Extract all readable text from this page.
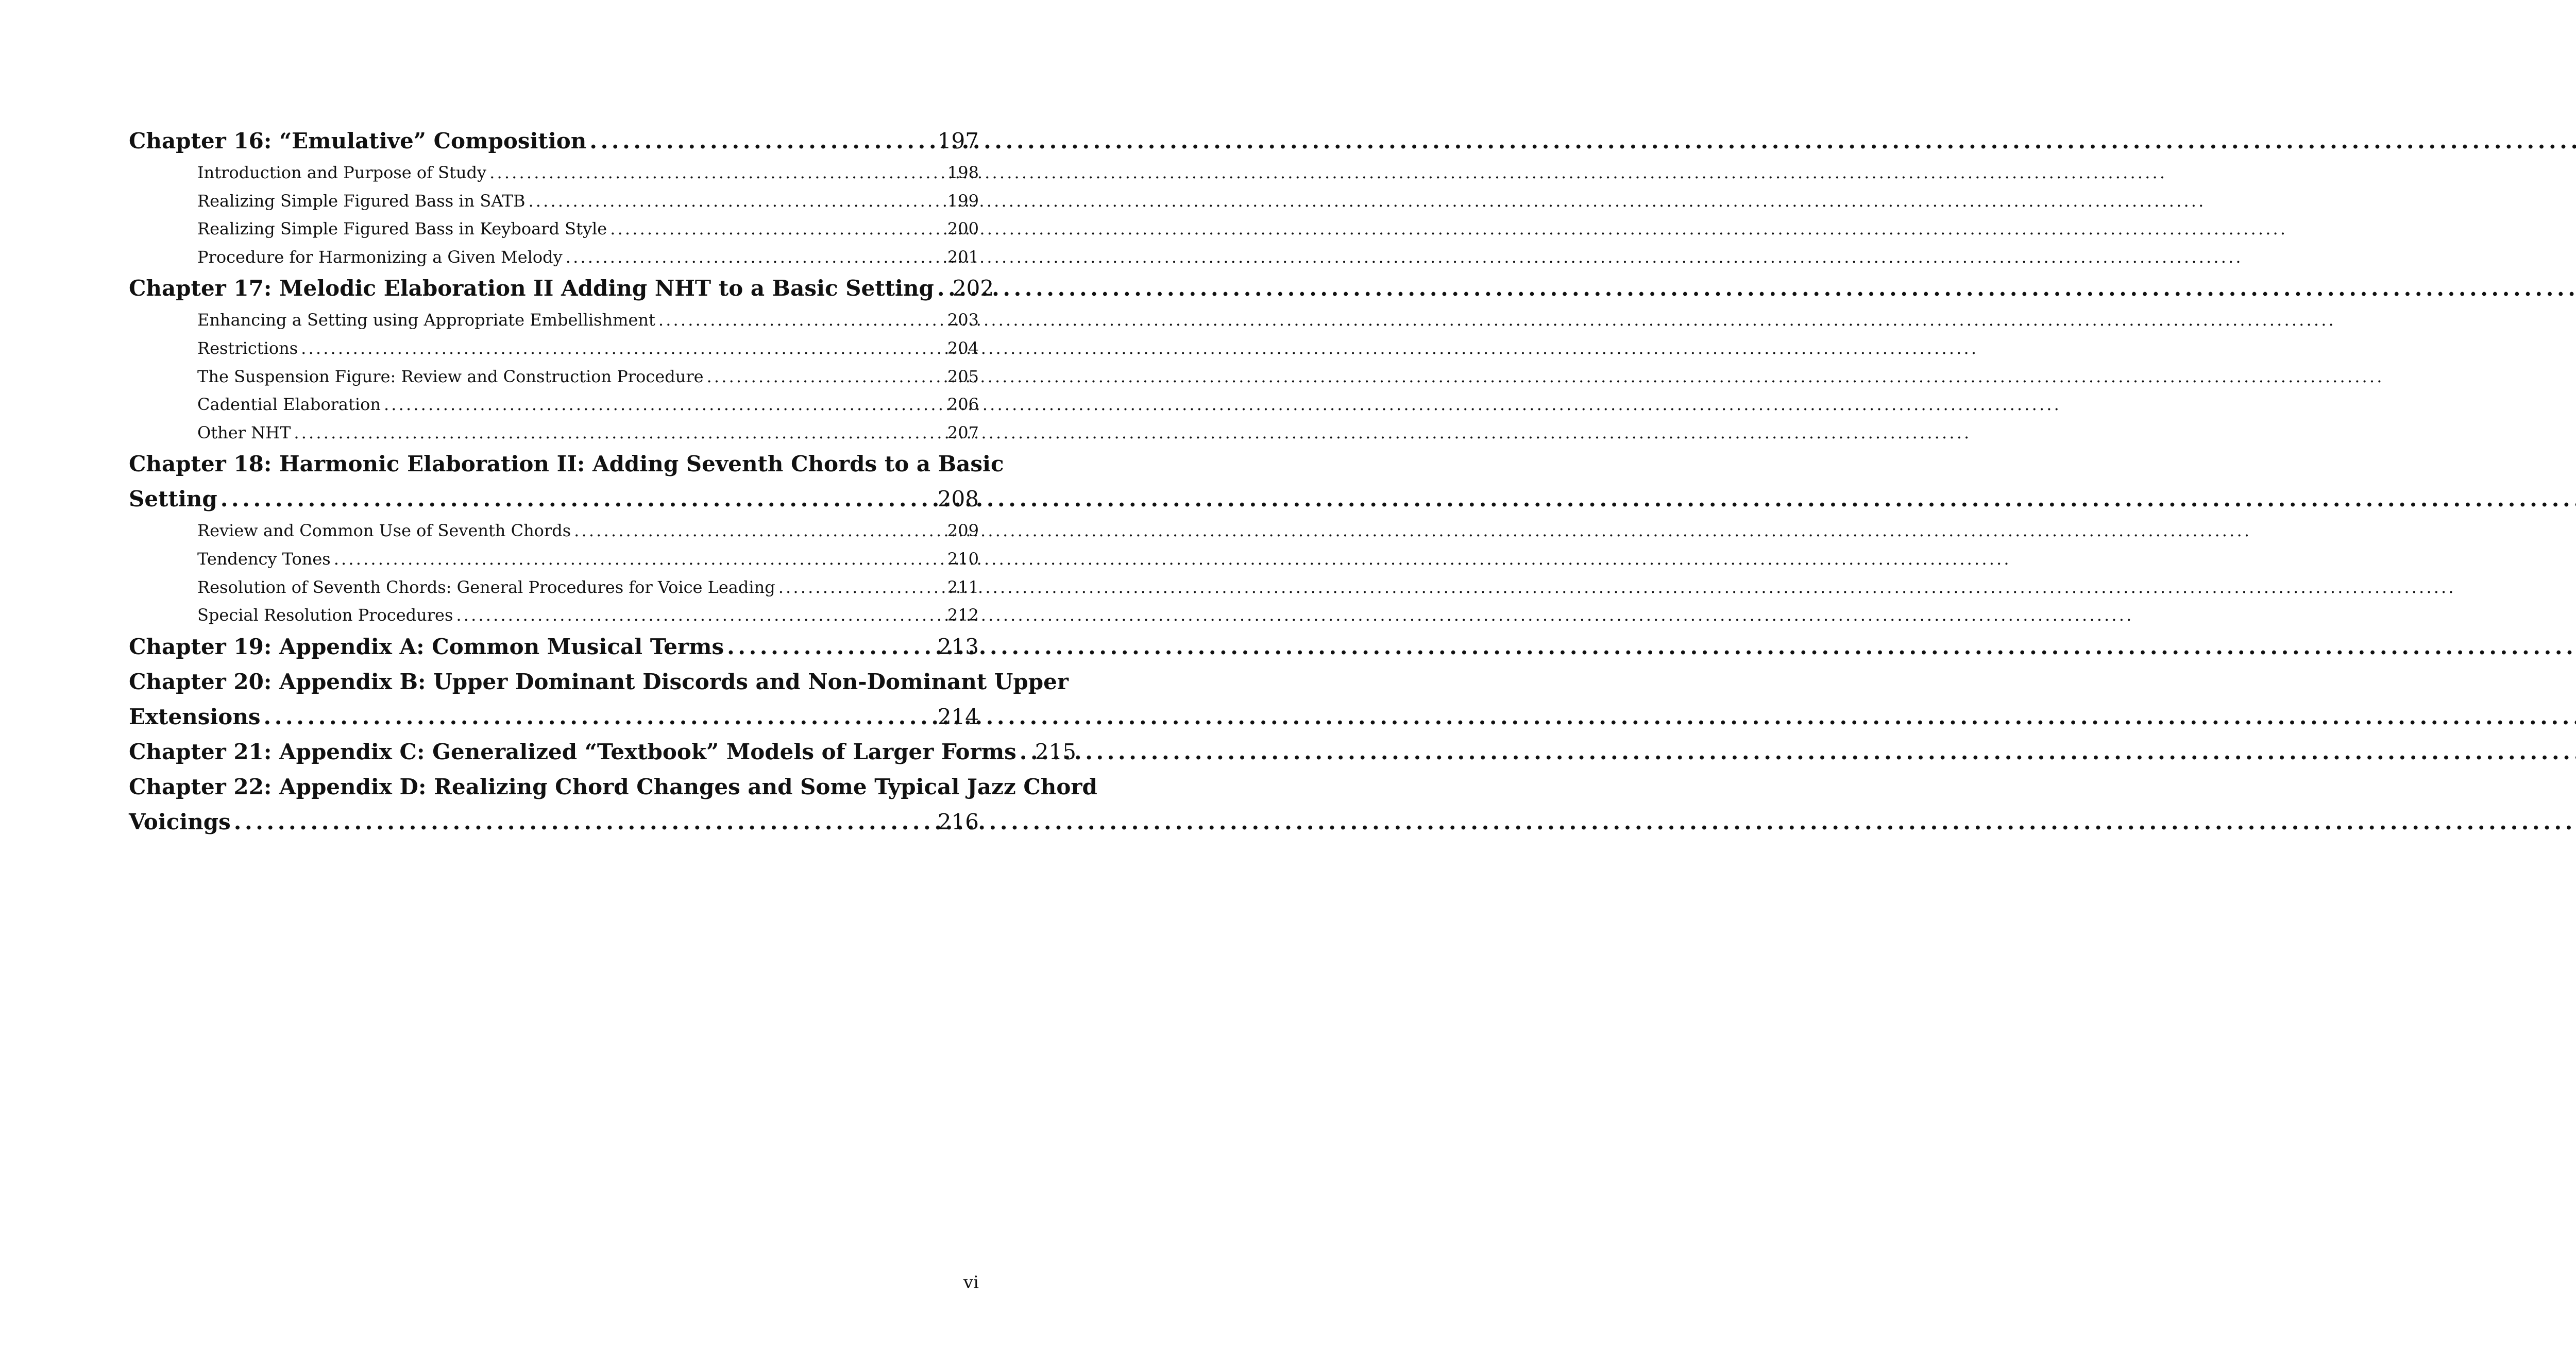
Chapter 16: “Emulative” Composition . . .	197
Introduction and Purpose of Study . . .	198
Realizing Simple Figured Bass in SATB . . .	199
Realizing Simple Figured Bass in Keyboard Style . . .	200
Procedure for Harmonizing a Given Melody . . .	201
Chapter 17: Melodic Elaboration II Adding NHT to a Basic Setting . . . 202
Enhancing a Setting using Appropriate Embellishment . . .	203
Restrictions . . .	204
The Suspension Figure: Review and Construction Procedure . . .	205
Cadential Elaboration . . .	206
Other NHT . . .	207
Chapter 18: Harmonic Elaboration II: Adding Seventh Chords to a Basic
Setting . . .	208
Review and Common Use of Seventh Chords . . .	209
Tendency Tones . . .	210
Resolution of Seventh Chords: General Procedures for Voice Leading . . .	211
Special Resolution Procedures . . .	212
Chapter 19: Appendix A: Common Musical Terms . . .	213
Chapter 20: Appendix B: Upper Dominant Discords and Non-Dominant Upper
Extensions . . .	214
Chapter 21: Appendix C: Generalized “Textbook” Models of Larger Forms . . . 215
Chapter 22: Appendix D: Realizing Chord Changes and Some Typical Jazz Chord
Voicings . . .	216
vi
